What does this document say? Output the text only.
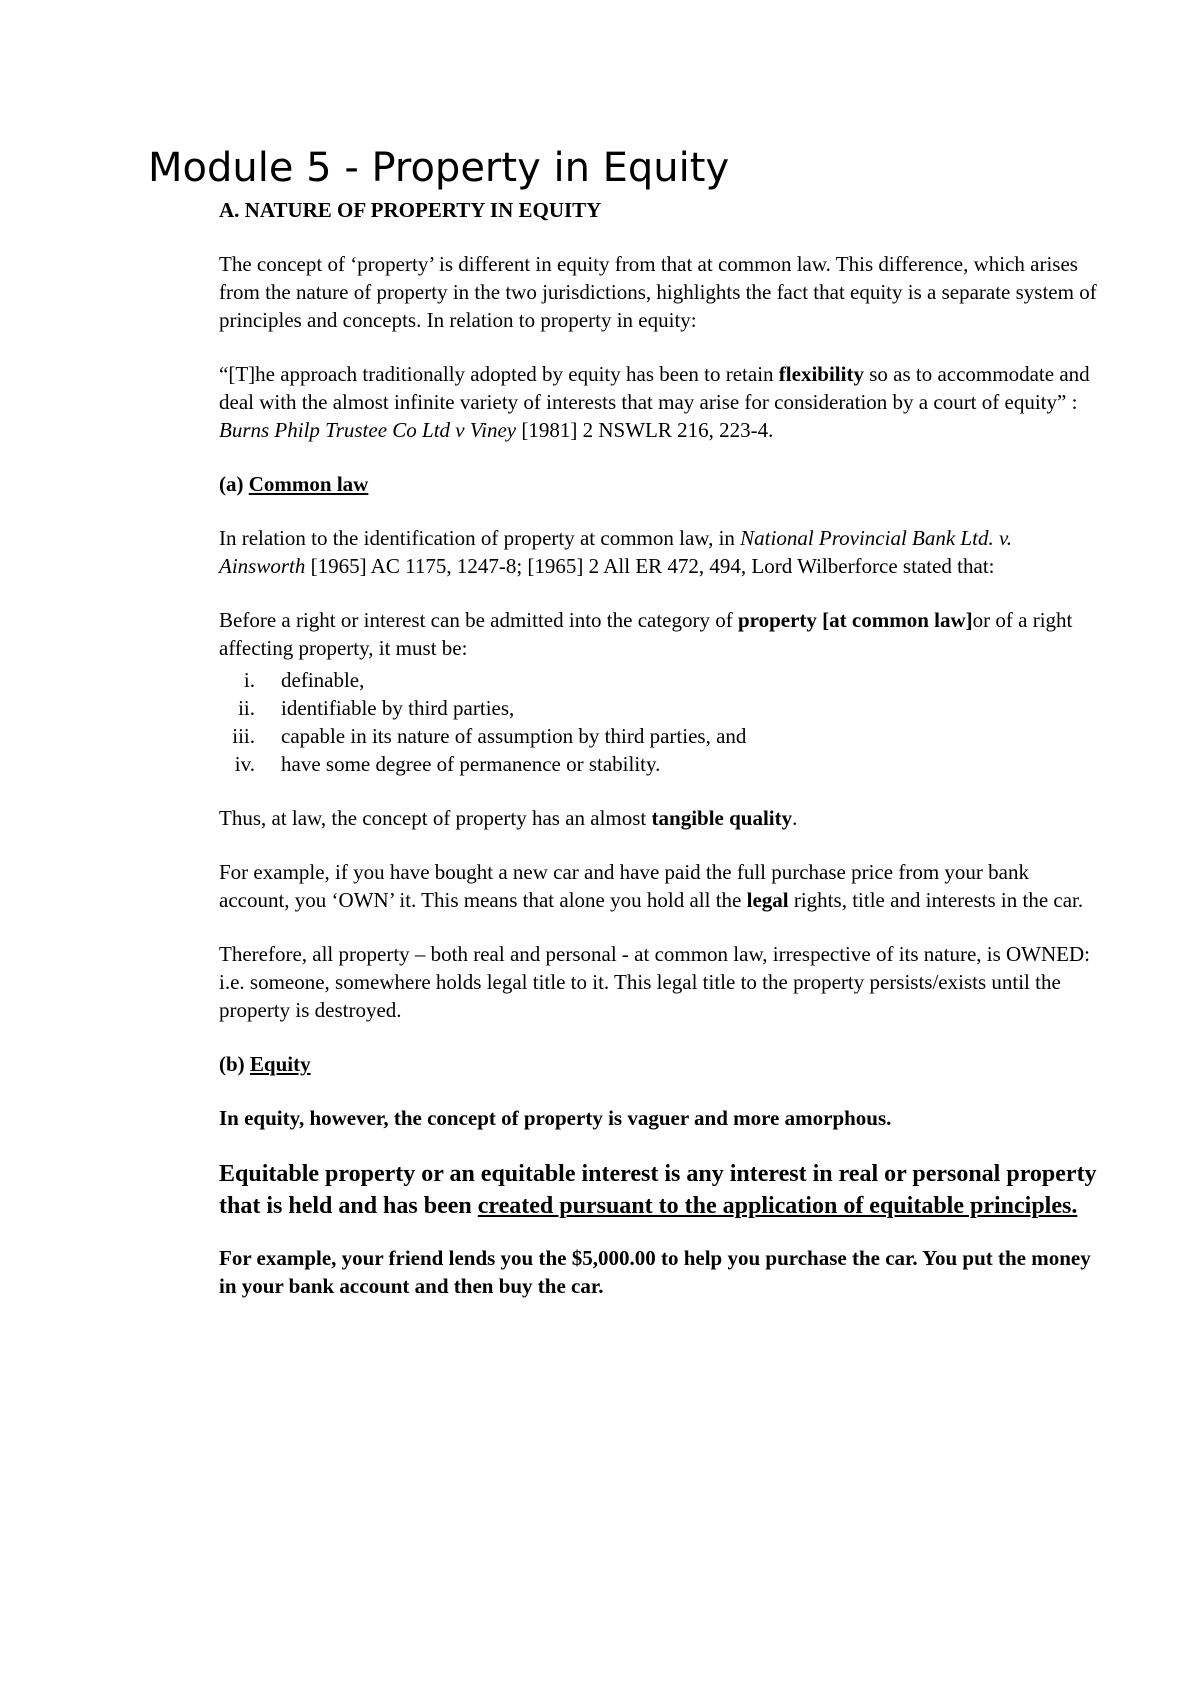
Module 5 - Property in Equity
A. NATURE OF PROPERTY IN EQUITY

The concept of ‘property’ is different in equity from that at common law. This difference, which arises from the nature of property in the two jurisdictions, highlights the fact that equity is a separate system of principles and concepts. In relation to property in equity:

“[T]he approach traditionally adopted by equity has been to retain flexibility so as to accommodate and deal with the almost infinite variety of interests that may arise for consideration by a court of equity” : Burns Philp Trustee Co Ltd v Viney [1981] 2 NSWLR 216, 223-4.

(a) Common law

In relation to the identification of property at common law, in National Provincial Bank Ltd. v. Ainsworth [1965] AC 1175, 1247-8; [1965] 2 All ER 472, 494, Lord Wilberforce stated that:

Before a right or interest can be admitted into the category of property [at common law]or of a right affecting property, it must be:

i.	definable,
ii.	identifiable by third parties,
iii.	capable in its nature of assumption by third parties, and
iv.	have some degree of permanence or stability.

Thus, at law, the concept of property has an almost tangible quality.

For example, if you have bought a new car and have paid the full purchase price from your bank account, you ‘OWN’ it. This means that alone you hold all the legal rights, title and interests in the car.

Therefore, all property – both real and personal - at common law, irrespective of its nature, is OWNED: i.e. someone, somewhere holds legal title to it. This legal title to the property persists/exists until the property is destroyed.

(b) Equity

In equity, however, the concept of property is vaguer and more amorphous.

Equitable property or an equitable interest is any interest in real or personal property that is held and has been created pursuant to the application of equitable principles.

For example, your friend lends you the $5,000.00 to help you purchase the car. You put the money in your bank account and then buy the car.
